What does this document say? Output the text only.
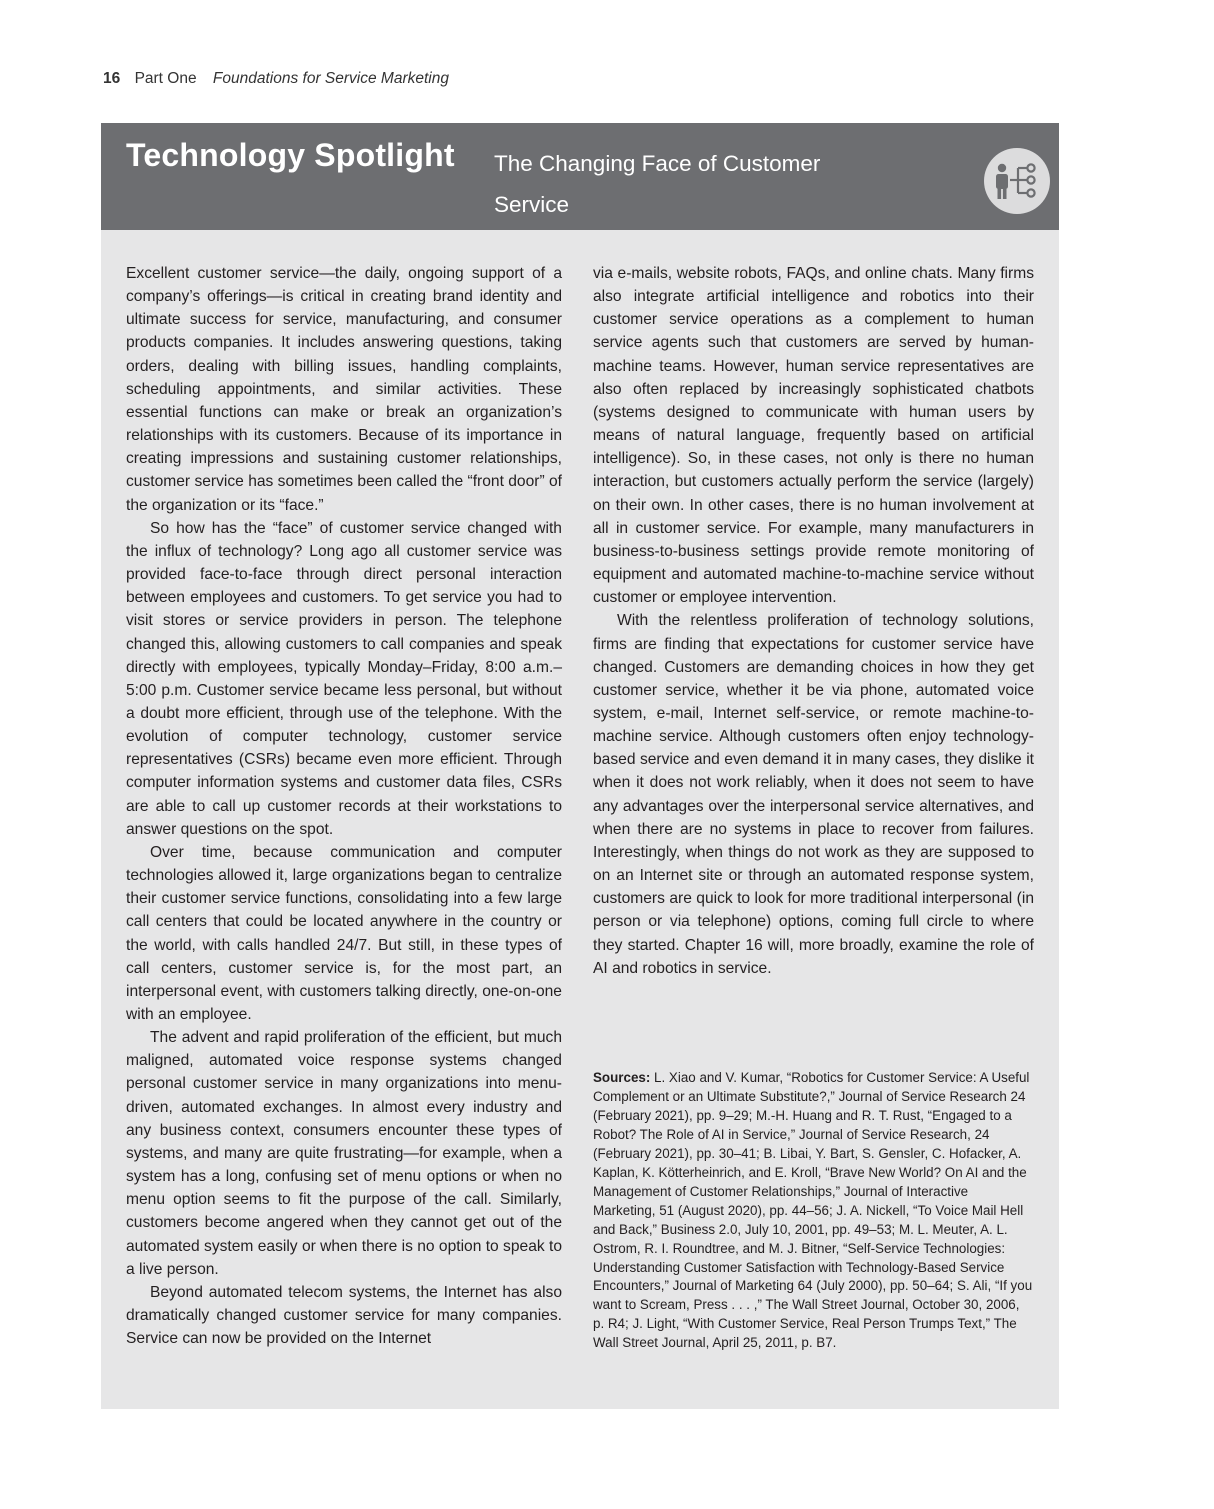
16 Part One Foundations for Service Marketing
Technology Spotlight The Changing Face of Customer Service

Excellent customer service—the daily, ongoing support of a company’s offerings—is critical in creating brand identity and ultimate success for service, manufacturing, and consumer products companies. It includes answering questions, taking orders, dealing with billing issues, handling complaints, scheduling appointments, and similar activities. These essential functions can make or break an organization’s relationships with its customers. Because of its importance in creating impressions and sustaining customer relationships, customer service has sometimes been called the “front door” of the organization or its “face.”

So how has the “face” of customer service changed with the influx of technology? Long ago all customer service was provided face-to-face through direct personal interaction between employees and customers. To get service you had to visit stores or service providers in person. The telephone changed this, allowing customers to call companies and speak directly with employees, typically Monday–Friday, 8:00 a.m.–5:00 p.m. Customer service became less personal, but without a doubt more efficient, through use of the telephone. With the evolution of computer technology, customer service representatives (CSRs) became even more efficient. Through computer information systems and customer data files, CSRs are able to call up customer records at their workstations to answer questions on the spot.

Over time, because communication and computer technologies allowed it, large organizations began to centralize their customer service functions, consolidating into a few large call centers that could be located anywhere in the country or the world, with calls handled 24/7. But still, in these types of call centers, customer service is, for the most part, an interpersonal event, with customers talking directly, one-on-one with an employee.

The advent and rapid proliferation of the efficient, but much maligned, automated voice response systems changed personal customer service in many organizations into menu-driven, automated exchanges. In almost every industry and any business context, consumers encounter these types of systems, and many are quite frustrating—for example, when a system has a long, confusing set of menu options or when no menu option seems to fit the purpose of the call. Similarly, customers become angered when they cannot get out of the automated system easily or when there is no option to speak to a live person.

Beyond automated telecom systems, the Internet has also dramatically changed customer service for many companies. Service can now be provided on the Internet

via e-mails, website robots, FAQs, and online chats. Many firms also integrate artificial intelligence and robotics into their customer service operations as a complement to human service agents such that customers are served by human-machine teams. However, human service representatives are also often replaced by increasingly sophisticated chatbots (systems designed to communicate with human users by means of natural language, frequently based on artificial intelligence). So, in these cases, not only is there no human interaction, but customers actually perform the service (largely) on their own. In other cases, there is no human involvement at all in customer service. For example, many manufacturers in business-to-business settings provide remote monitoring of equipment and automated machine-to-machine service without customer or employee intervention.

With the relentless proliferation of technology solutions, firms are finding that expectations for customer service have changed. Customers are demanding choices in how they get customer service, whether it be via phone, automated voice system, e-mail, Internet self-service, or remote machine-to-machine service. Although customers often enjoy technology-based service and even demand it in many cases, they dislike it when it does not work reliably, when it does not seem to have any advantages over the interpersonal service alternatives, and when there are no systems in place to recover from failures. Interestingly, when things do not work as they are supposed to on an Internet site or through an automated response system, customers are quick to look for more traditional interpersonal (in person or via telephone) options, coming full circle to where they started. Chapter 16 will, more broadly, examine the role of AI and robotics in service.

Sources: L. Xiao and V. Kumar, “Robotics for Customer Service: A Useful Complement or an Ultimate Substitute?,” Journal of Service Research 24 (February 2021), pp. 9–29; M.-H. Huang and R. T. Rust, “Engaged to a Robot? The Role of AI in Service,” Journal of Service Research, 24 (February 2021), pp. 30–41; B. Libai, Y. Bart, S. Gensler, C. Hofacker, A. Kaplan, K. Kötterheinrich, and E. Kroll, “Brave New World? On AI and the Management of Customer Relationships,” Journal of Interactive Marketing, 51 (August 2020), pp. 44–56; J. A. Nickell, “To Voice Mail Hell and Back,” Business 2.0, July 10, 2001, pp. 49–53; M. L. Meuter, A. L. Ostrom, R. I. Roundtree, and M. J. Bitner, “Self-Service Technologies: Understanding Customer Satisfaction with Technology-Based Service Encounters,” Journal of Marketing 64 (July 2000), pp. 50–64; S. Ali, “If you want to Scream, Press . . . ,” The Wall Street Journal, October 30, 2006, p. R4; J. Light, “With Customer Service, Real Person Trumps Text,” The Wall Street Journal, April 25, 2011, p. B7.
